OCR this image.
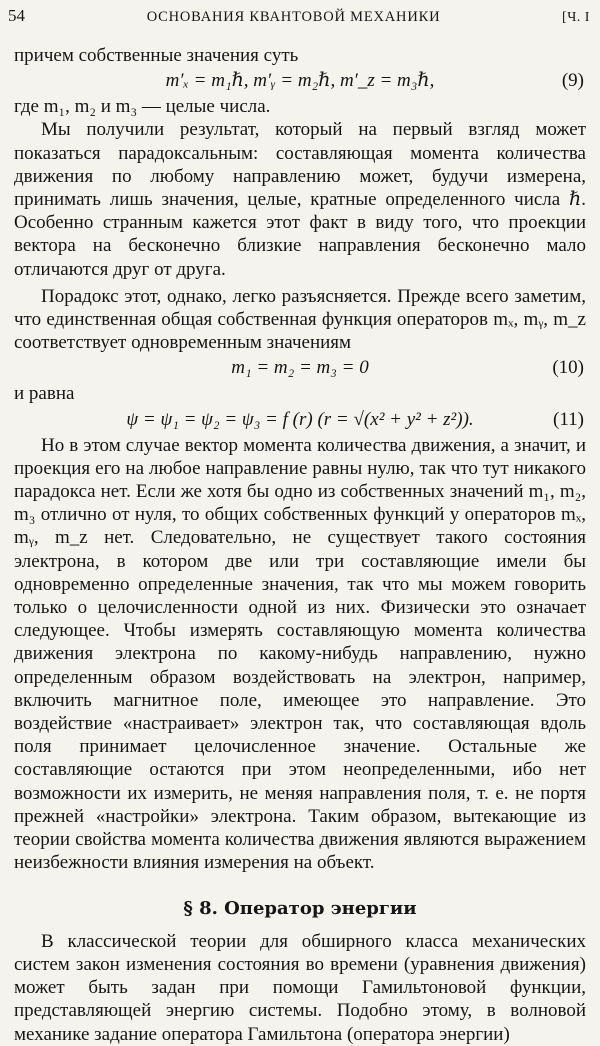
54	ОСНОВАНИЯ КВАНТОВОЙ МЕХАНИКИ	[Ч. I

причем собственные значения суть

m′ₓ = m₁ℏ, m′ᵧ = m₂ℏ, m′_z = m₃ℏ,	(9)

где m₁, m₂ и m₃ — целые числа.

Мы получили результат, который на первый взгляд может показаться парадоксальным: составляющая момента количества движения по любому направлению может, будучи измерена, принимать лишь значения, целые, кратные определенного числа ℏ. Особенно странным кажется этот факт в виду того, что проекции вектора на бесконечно близкие направления бесконечно мало отличаются друг от друга.

Порадокс этот, однако, легко разъясняется. Прежде всего заметим, что единственная общая собственная функция операторов mₓ, mᵧ, m_z соответствует одновременным значениям

m₁ = m₂ = m₃ = 0	(10)

и равна

ψ = ψ₁ = ψ₂ = ψ₃ = f (r) (r = √(x² + y² + z²)).	(11)

Но в этом случае вектор момента количества движения, а значит, и проекция его на любое направление равны нулю, так что тут никакого парадокса нет. Если же хотя бы одно из собственных значений m₁, m₂, m₃ отлично от нуля, то общих собственных функций у операторов mₓ, mᵧ, m_z нет. Следовательно, не существует такого состояния электрона, в котором две или три составляющие имели бы одновременно определенные значения, так что мы можем говорить только о целочисленности одной из них. Физически это означает следующее. Чтобы измерять составляющую момента количества движения электрона по какому-нибудь направлению, нужно определенным образом воздействовать на электрон, например, включить магнитное поле, имеющее это направление. Это воздействие «настраивает» электрон так, что составляющая вдоль поля принимает целочисленное значение. Остальные же составляющие остаются при этом неопределенными, ибо нет возможности их измерить, не меняя направления поля, т. е. не портя прежней «настройки» электрона. Таким образом, вытекающие из теории свойства момента количества движения являются выражением неизбежности влияния измерения на объект.

§ 8. Оператор энергии

В классической теории для обширного класса механических систем закон изменения состояния во времени (уравнения движения) может быть задан при помощи Гамильтоновой функции, представляющей энергию системы. Подобно этому, в волновой механике задание оператора Гамильтона (оператора энергии)
